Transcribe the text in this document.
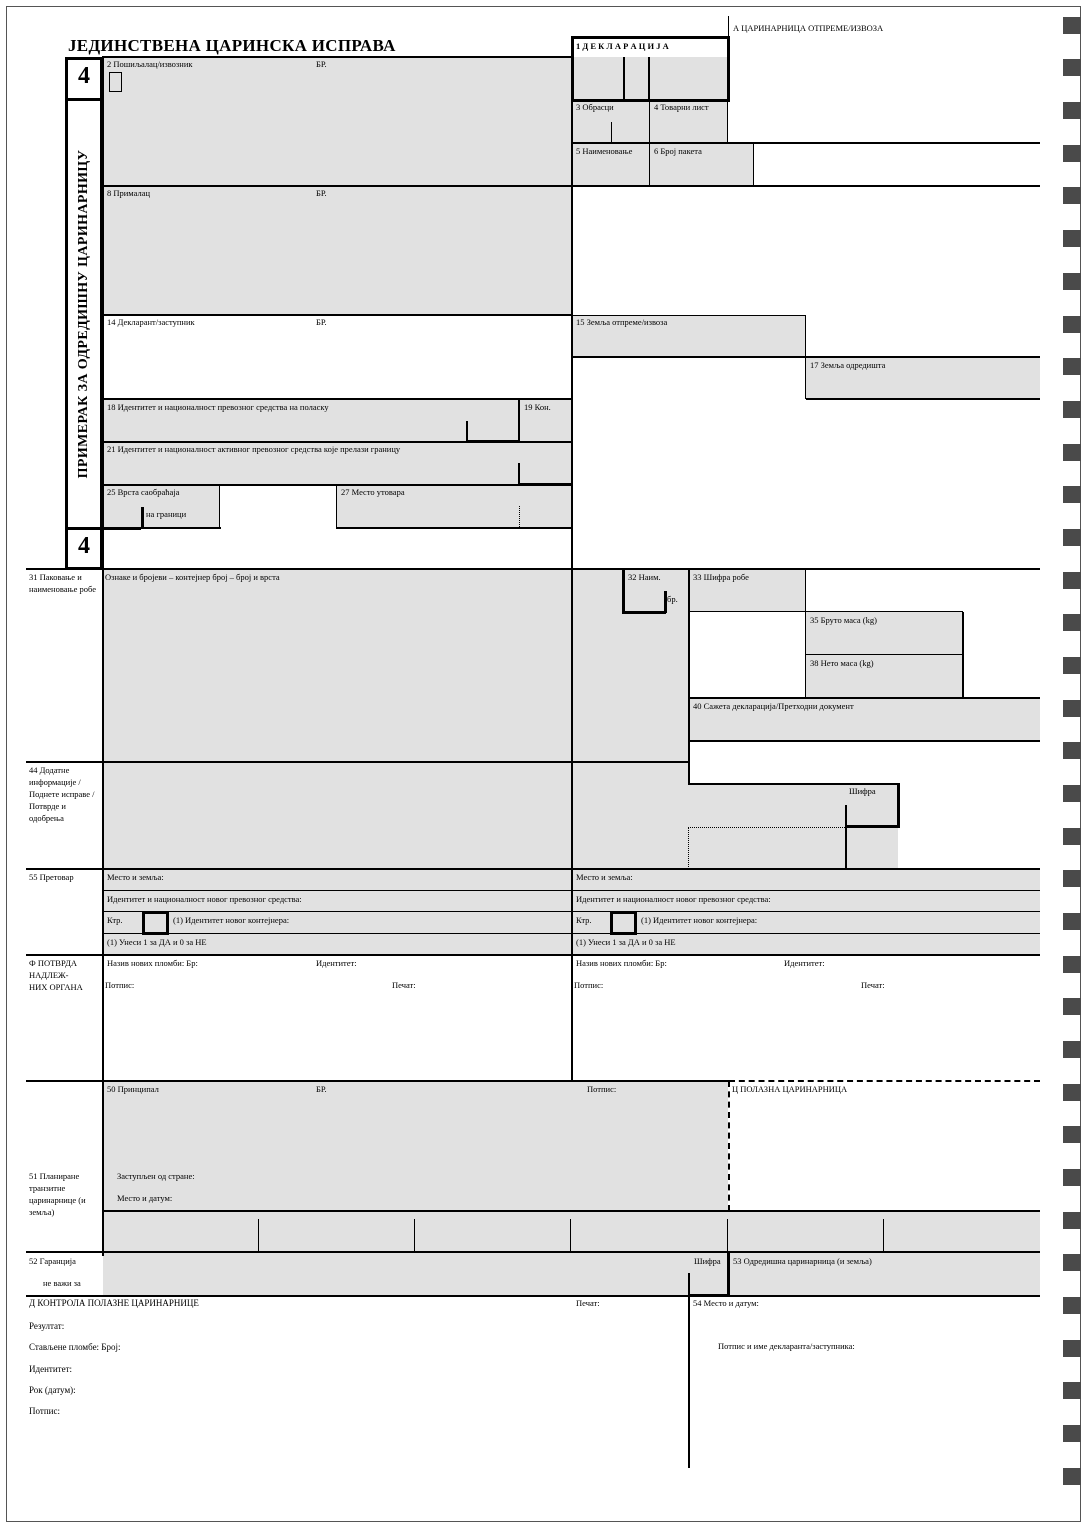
ЈЕДИНСТВЕНА ЦАРИНСКА ИСПРАВА
4
ПРИМЕРАК ЗА ОДРЕДИШНУ ЦАРИНАРНИЦУ
4
А ЦАРИНАРНИЦА ОТПРЕМЕ/ИЗВОЗА
1 Д Е К Л А Р А Ц И Ј А
2 Пошиљалац/извозник	БР.
3 Обрасци	4 Товарни лист
5 Наименовање	6 Број пакета
8 Прималац	БР.
14 Декларант/заступник	БР.	15 Земља отпреме/извоза
17 Земља одредишта
18 Идентитет и националност превозног средства на поласку	19 Кон.
21 Идентитет и националност активног превозног средства које прелази границу
25 Врста саобраћаја
на граници
27 Место утовара
31 Паковање и наименовање робе
Ознаке и бројеви – контејнер број – број и врста	32 Наим.
бр.
33 Шифра робе
35 Бруто маса (kg)
38 Нето маса (kg)
40 Сажета декларација/Претходни документ
44 Додатне информације / Поднете исправе / Потврде и одобрења
Шифра
55 Претовар	Место и земља:	Место и земља:
Идентитет и националност новог превозног средства:	Идентитет и националност новог превозног средства:
Ктр.	(1) Идентитет новог контејнера:	Ктр.	(1) Идентитет новог контејнера:
(1) Унеси 1 за ДА и 0 за НЕ	(1) Унеси 1 за ДА и 0 за НЕ
Ф ПОТВРДА НАДЛЕЖ- НИХ ОРГАНА
Назив нових пломби: Бр:	Идентитет:
Потпис:	Печат:
Назив нових пломби: Бр:	Идентитет:
Потпис:	Печат:
50 Принципал	БР.	Потпис:	Ц ПОЛАЗНА ЦАРИНАРНИЦА
Заступљен од стране:
Место и датум:
51 Планиране транзитне царинарнице (и земља)
52 Гаранција
не важи за
Шифра 53 Одредишна царинарница (и земља)
Д КОНТРОЛА ПОЛАЗНЕ ЦАРИНАРНИЦЕ	Печат:
Резултат:
Стављене пломбе: Број:
Идентитет:
Рок (датум):
Потпис:
54 Место и датум:
Потпис и име декларанта/заступника:
